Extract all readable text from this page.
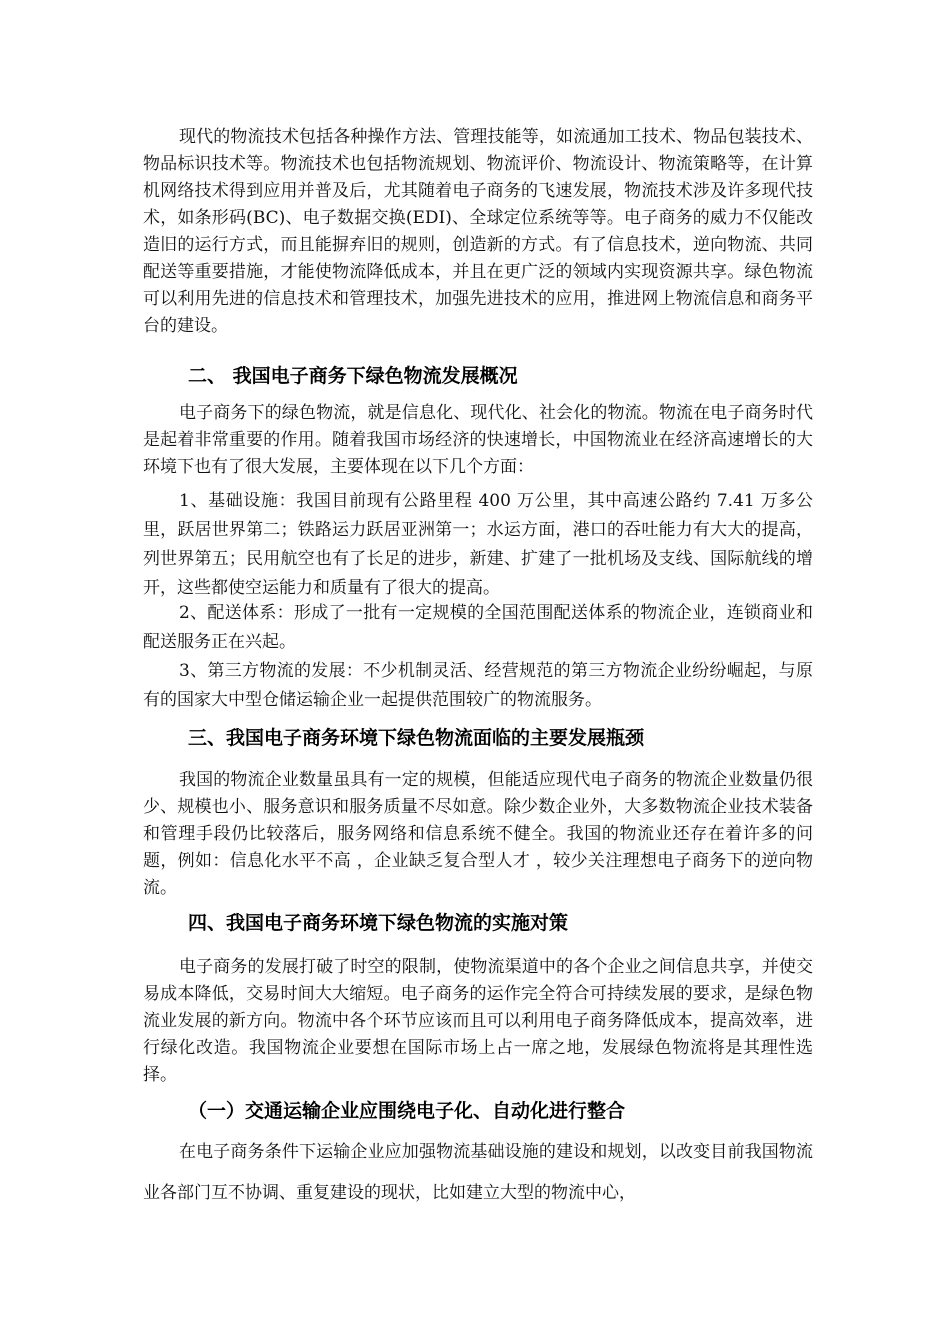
现代的物流技术包括各种操作方法、管理技能等，如流通加工技术、物品包装技术、物品标识技术等。物流技术也包括物流规划、物流评价、物流设计、物流策略等，在计算机网络技术得到应用并普及后，尤其随着电子商务的飞速发展，物流技术涉及许多现代技术，如条形码(BC)、电子数据交换(EDI)、全球定位系统等等。电子商务的威力不仅能改造旧的运行方式，而且能摒弃旧的规则，创造新的方式。有了信息技术，逆向物流、共同配送等重要措施，才能使物流降低成本，并且在更广泛的领域内实现资源共享。绿色物流可以利用先进的信息技术和管理技术，加强先进技术的应用，推进网上物流信息和商务平台的建设。

二、 我国电子商务下绿色物流发展概况

电子商务下的绿色物流，就是信息化、现代化、社会化的物流。物流在电子商务时代是起着非常重要的作用。随着我国市场经济的快速增长，中国物流业在经济高速增长的大环境下也有了很大发展，主要体现在以下几个方面：

1、基础设施：我国目前现有公路里程 400 万公里，其中高速公路约 7.41 万多公里，跃居世界第二；铁路运力跃居亚洲第一；水运方面，港口的吞吐能力有大大的提高，列世界第五；民用航空也有了长足的进步，新建、扩建了一批机场及支线、国际航线的增开，这些都使空运能力和质量有了很大的提高。

2、配送体系：形成了一批有一定规模的全国范围配送体系的物流企业，连锁商业和配送服务正在兴起。

3、第三方物流的发展：不少机制灵活、经营规范的第三方物流企业纷纷崛起，与原有的国家大中型仓储运输企业一起提供范围较广的物流服务。

三、我国电子商务环境下绿色物流面临的主要发展瓶颈

我国的物流企业数量虽具有一定的规模，但能适应现代电子商务的物流企业数量仍很少、规模也小、服务意识和服务质量不尽如意。除少数企业外，大多数物流企业技术装备和管理手段仍比较落后，服务网络和信息系统不健全。我国的物流业还存在着许多的问题，例如：信息化水平不高 ，企业缺乏复合型人才 ，较少关注理想电子商务下的逆向物流。

四、我国电子商务环境下绿色物流的实施对策

电子商务的发展打破了时空的限制，使物流渠道中的各个企业之间信息共享，并使交易成本降低，交易时间大大缩短。电子商务的运作完全符合可持续发展的要求，是绿色物流业发展的新方向。物流中各个环节应该而且可以利用电子商务降低成本，提高效率，进行绿化改造。我国物流企业要想在国际市场上占一席之地，发展绿色物流将是其理性选择。

（一）交通运输企业应围绕电子化、自动化进行整合

在电子商务条件下运输企业应加强物流基础设施的建设和规划，以改变目前我国物流业各部门互不协调、重复建设的现状，比如建立大型的物流中心，
